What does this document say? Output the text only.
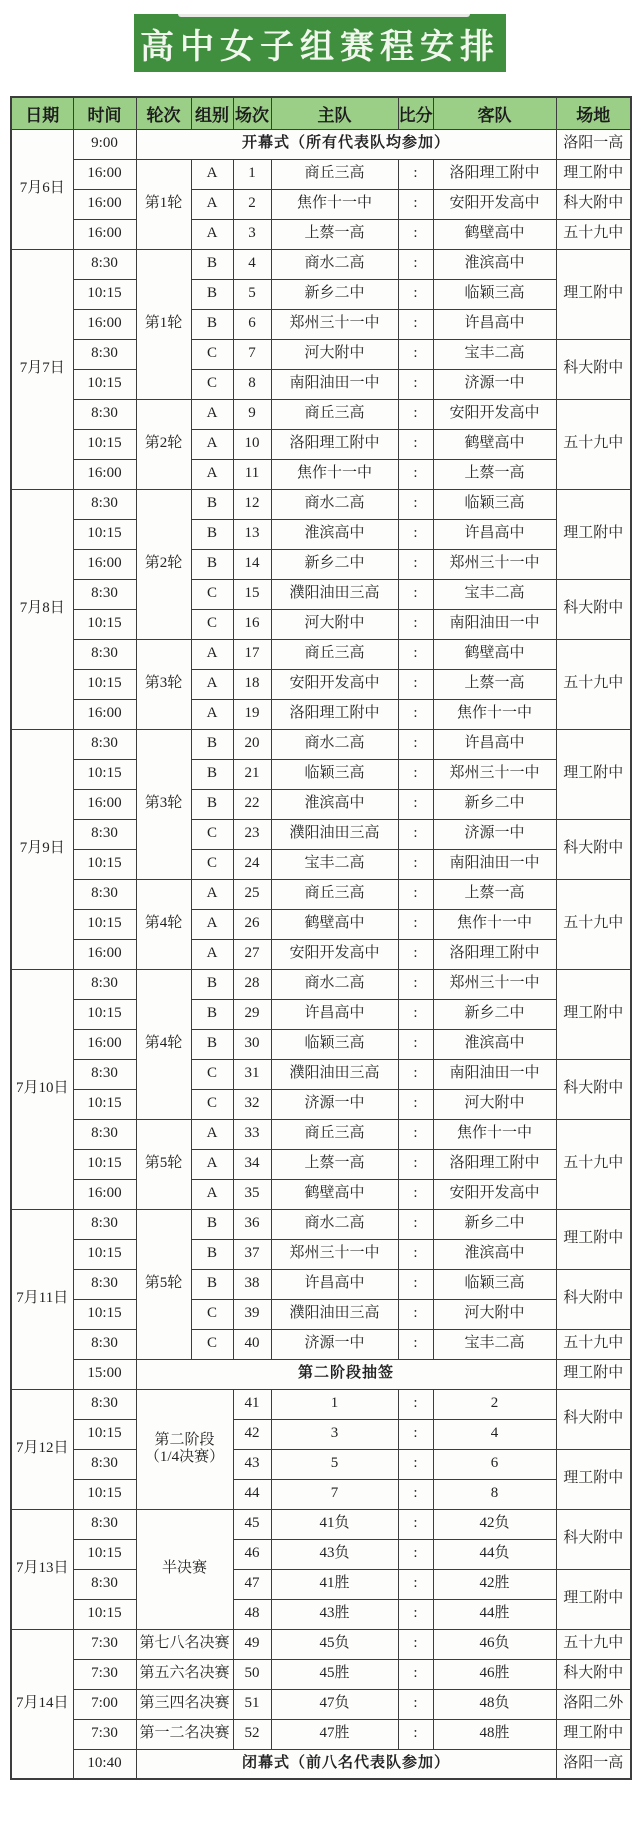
高中女子组赛程安排
日期	时间	轮次	组别	场次	主队	比分	客队	场地
7月6日	9:00	开幕式（所有代表队均参加）						洛阳一高
	16:00	第1轮	A	1	商丘三高	:	洛阳理工附中	理工附中
	16:00		A	2	焦作十一中	:	安阳开发高中	科大附中
	16:00		A	3	上蔡一高	:	鹤壁高中	五十九中
7月7日	8:30	第1轮	B	4	商水二高	:	淮滨高中	理工附中
	10:15		B	5	新乡二中	:	临颖三高	
	16:00		B	6	郑州三十一中	:	许昌高中	
	8:30		C	7	河大附中	:	宝丰二高	科大附中
	10:15		C	8	南阳油田一中	:	济源一中	
	8:30	第2轮	A	9	商丘三高	:	安阳开发高中	五十九中
	10:15		A	10	洛阳理工附中	:	鹤壁高中	
	16:00		A	11	焦作十一中	:	上蔡一高	
7月8日	8:30	第2轮	B	12	商水二高	:	临颖三高	理工附中
	10:15		B	13	淮滨高中	:	许昌高中	
	16:00		B	14	新乡二中	:	郑州三十一中	
	8:30		C	15	濮阳油田三高	:	宝丰二高	科大附中
	10:15		C	16	河大附中	:	南阳油田一中	
	8:30	第3轮	A	17	商丘三高	:	鹤壁高中	五十九中
	10:15		A	18	安阳开发高中	:	上蔡一高	
	16:00		A	19	洛阳理工附中	:	焦作十一中	
7月9日	8:30	第3轮	B	20	商水二高	:	许昌高中	理工附中
	10:15		B	21	临颖三高	:	郑州三十一中	
	16:00		B	22	淮滨高中	:	新乡二中	
	8:30		C	23	濮阳油田三高	:	济源一中	科大附中
	10:15		C	24	宝丰二高	:	南阳油田一中	
	8:30	第4轮	A	25	商丘三高	:	上蔡一高	五十九中
	10:15		A	26	鹤壁高中	:	焦作十一中	
	16:00		A	27	安阳开发高中	:	洛阳理工附中	
7月10日	8:30	第4轮	B	28	商水二高	:	郑州三十一中	理工附中
	10:15		B	29	许昌高中	:	新乡二中	
	16:00		B	30	临颖三高	:	淮滨高中	
	8:30		C	31	濮阳油田三高	:	南阳油田一中	科大附中
	10:15		C	32	济源一中	:	河大附中	
	8:30	第5轮	A	33	商丘三高	:	焦作十一中	五十九中
	10:15		A	34	上蔡一高	:	洛阳理工附中	
	16:00		A	35	鹤壁高中	:	安阳开发高中	
7月11日	8:30	第5轮	B	36	商水二高	:	新乡二中	理工附中
	10:15		B	37	郑州三十一中	:	淮滨高中	
	8:30		B	38	许昌高中	:	临颖三高	科大附中
	10:15		C	39	濮阳油田三高	:	河大附中	
	8:30		C	40	济源一中	:	宝丰二高	五十九中
	15:00	第二阶段抽签						理工附中
7月12日	8:30	第二阶段（1/4决赛）		41	1	:	2	科大附中
	10:15			42	3	:	4	
	8:30			43	5	:	6	理工附中
	10:15			44	7	:	8	
7月13日	8:30	半决赛		45	41负	:	42负	科大附中
	10:15			46	43负	:	44负	
	8:30			47	41胜	:	42胜	理工附中
	10:15			48	43胜	:	44胜	
7月14日	7:30	第七八名决赛		49	45负	:	46负	五十九中
	7:30	第五六名决赛		50	45胜	:	46胜	科大附中
	7:00	第三四名决赛		51	47负	:	48负	洛阳二外
	7:30	第一二名决赛		52	47胜	:	48胜	理工附中
	10:40	闭幕式（前八名代表队参加）						洛阳一高
